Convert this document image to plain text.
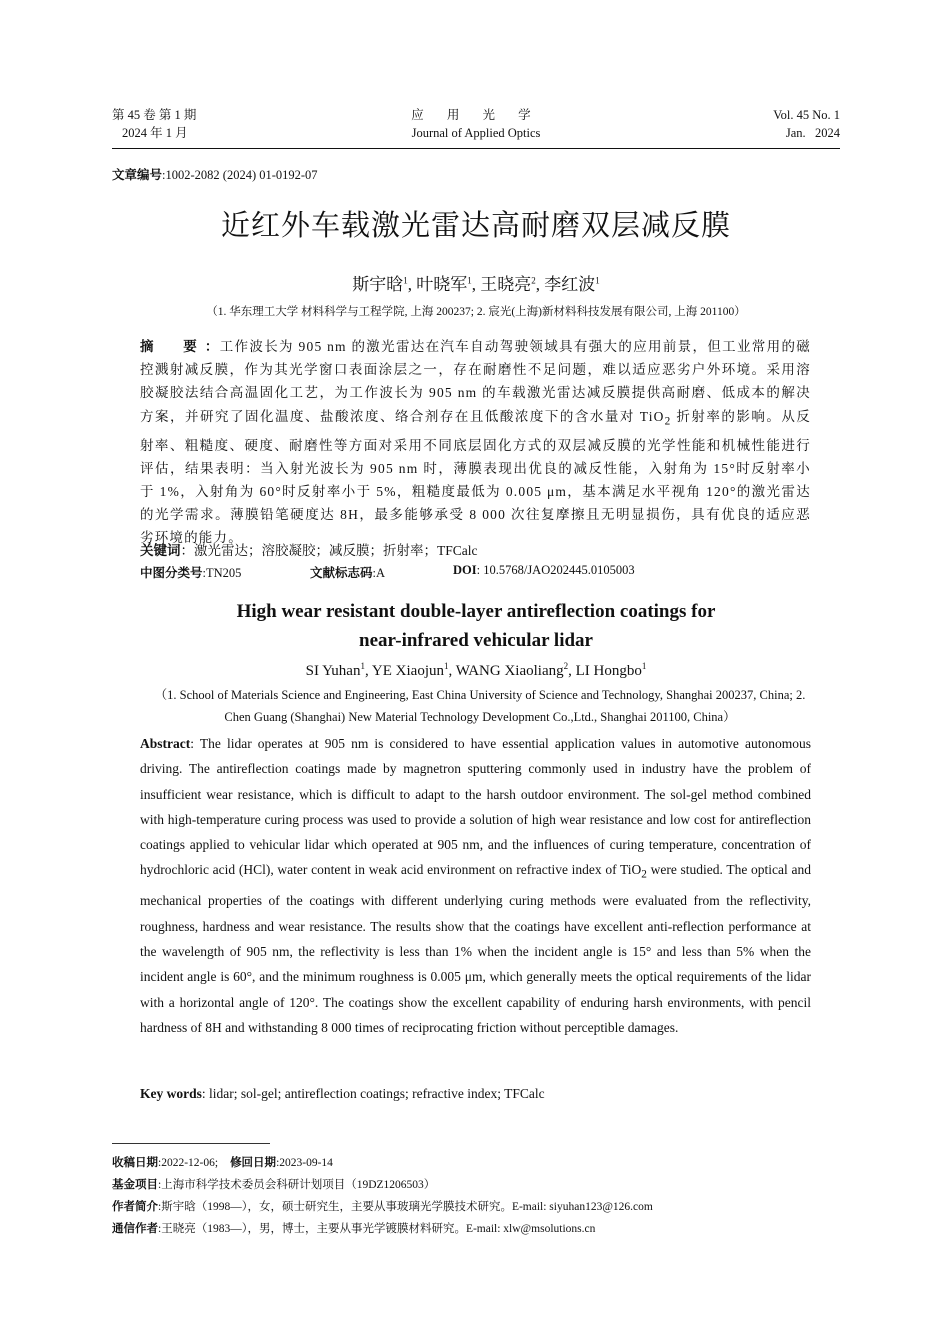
第 45 卷 第 1 期
2024 年 1 月
应 用 光 学
Journal of Applied Optics
Vol. 45 No. 1
Jan.   2024
文章编号:1002-2082 (2024) 01-0192-07
近红外车载激光雷达高耐磨双层减反膜
斯宇晗$^1$, 叶晓军$^1$, 王晓亮$^2$, 李红波$^1$
（1. 华东理工大学 材料科学与工程学院, 上海 200237; 2. 宸光(上海)新材料科技发展有限公司, 上海 201100）
摘　要：工作波长为 905 nm 的激光雷达在汽车自动驾驶领域具有强大的应用前景，但工业常用的磁控溅射减反膜，作为其光学窗口表面涂层之一，存在耐磨性不足问题，难以适应恶劣户外环境。采用溶胶凝胶法结合高温固化工艺，为工作波长为 905 nm 的车载激光雷达减反膜提供高耐磨、低成本的解决方案，并研究了固化温度、盐酸浓度、络合剂存在且低酸浓度下的含水量对 TiO$_2$ 折射率的影响。从反射率、粗糙度、硬度、耐磨性等方面对采用不同底层固化方式的双层减反膜的光学性能和机械性能进行评估，结果表明：当入射光波长为 905 nm 时，薄膜表现出优良的减反性能，入射角为 15°时反射率小于 1%，入射角为 60°时反射率小于 5%，粗糙度最低为 0.005 μm，基本满足水平视角 120°的激光雷达的光学需求。薄膜铅笔硬度达 8H，最多能够承受 8 000 次往复摩擦且无明显损伤，具有优良的适应恶劣环境的能力。
关键词：激光雷达；溶胶凝胶；减反膜；折射率；TFCalc
中图分类号:TN205	文献标志码:A	DOI: 10.5768/JAO202445.0105003
High wear resistant double-layer antireflection coatings for
near-infrared vehicular lidar
SI Yuhan$^1$, YE Xiaojun$^1$, WANG Xiaoliang$^2$, LI Hongbo$^1$
（1. School of Materials Science and Engineering, East China University of Science and Technology, Shanghai 200237, China; 2. Chen Guang (Shanghai) New Material Technology Development Co.,Ltd., Shanghai 201100, China）
Abstract: The lidar operates at 905 nm is considered to have essential application values in automotive autonomous driving. The antireflection coatings made by magnetron sputtering commonly used in industry have the problem of insufficient wear resistance, which is difficult to adapt to the harsh outdoor environment. The sol-gel method combined with high-temperature curing process was used to provide a solution of high wear resistance and low cost for antireflection coatings applied to vehicular lidar which operated at 905 nm, and the influences of curing temperature, concentration of hydrochloric acid (HCl), water content in weak acid environment on refractive index of TiO$_2$ were studied. The optical and mechanical properties of the coatings with different underlying curing methods were evaluated from the reflectivity, roughness, hardness and wear resistance. The results show that the coatings have excellent anti-reflection performance at the wavelength of 905 nm, the reflectivity is less than 1% when the incident angle is 15° and less than 5% when the incident angle is 60°, and the minimum roughness is 0.005 μm, which generally meets the optical requirements of the lidar with a horizontal angle of 120°. The coatings show the excellent capability of enduring harsh environments, with pencil hardness of 8H and withstanding 8 000 times of reciprocating friction without perceptible damages.
Key words: lidar; sol-gel; antireflection coatings; refractive index; TFCalc
收稿日期:2022-12-06; 修回日期:2023-09-14
基金项目:上海市科学技术委员会科研计划项目（19DZ1206503）
作者简介:斯宇晗（1998—），女，硕士研究生，主要从事玻璃光学膜技术研究。E-mail: siyuhan123@126.com
通信作者:王晓亮（1983—），男，博士，主要从事光学镀膜材料研究。E-mail: xlw@msolutions.cn
